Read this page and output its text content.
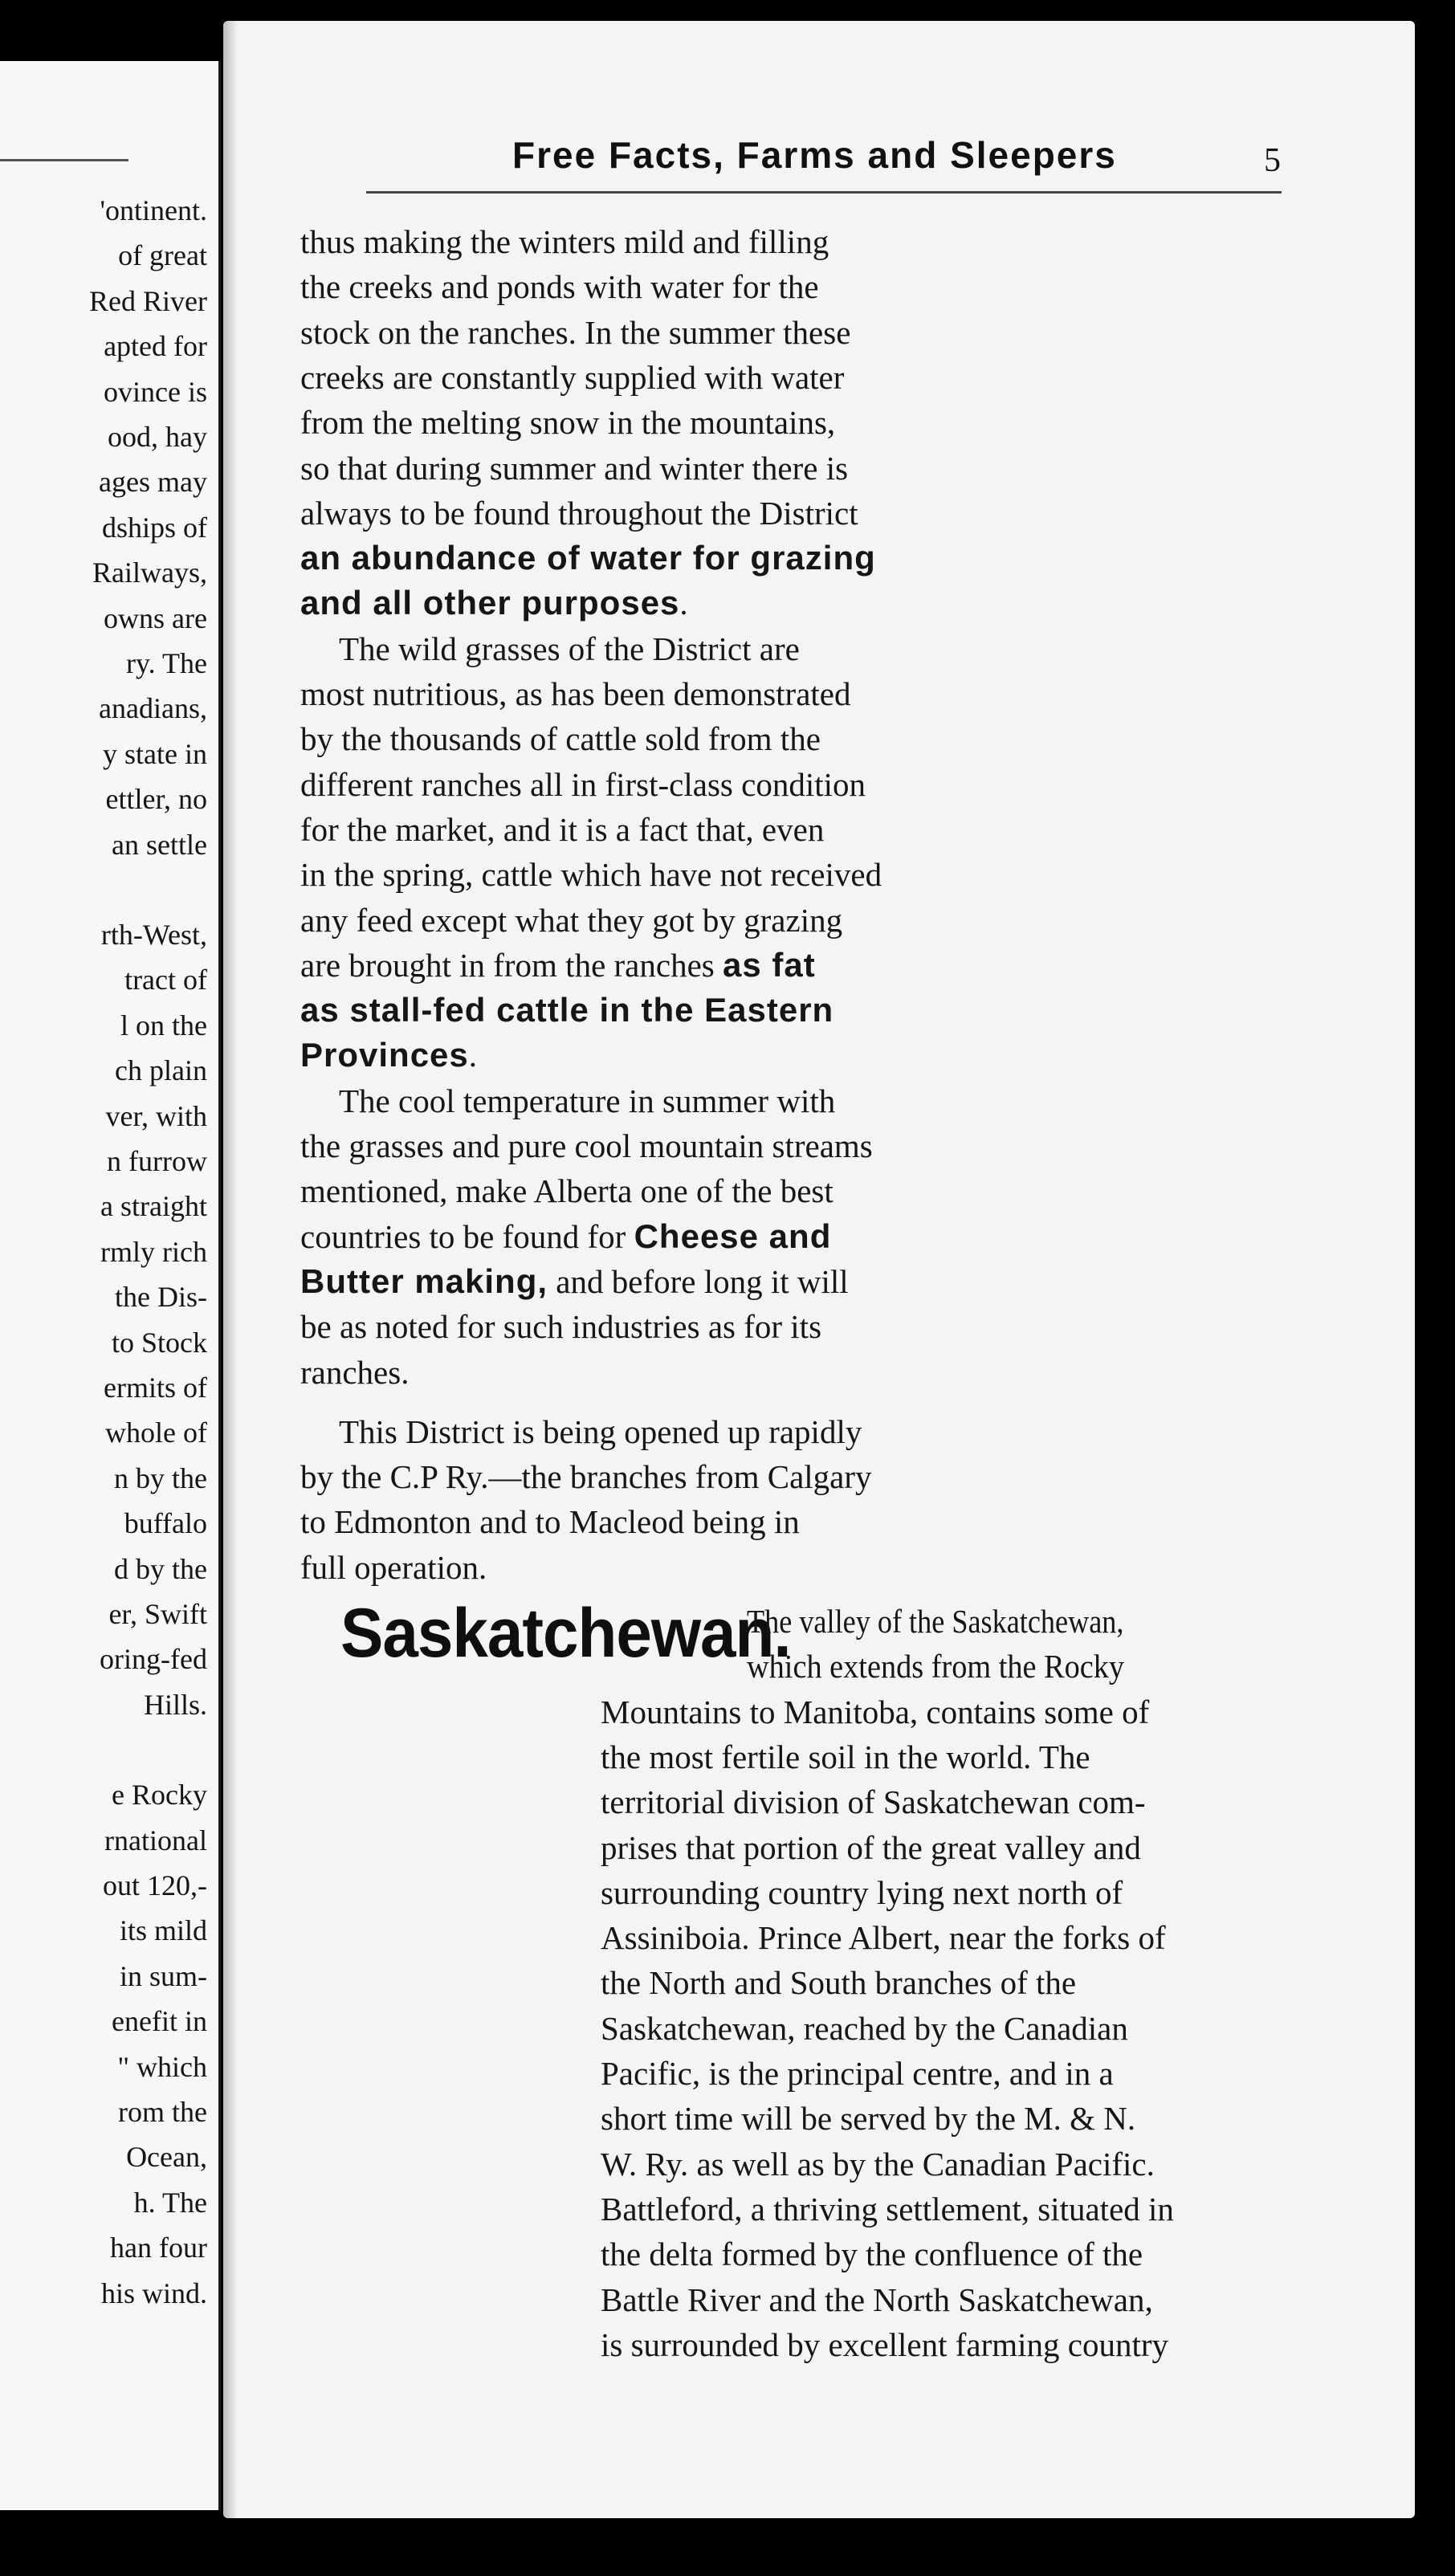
'ontinent.

of great

Red River

apted for

ovince is

ood, hay

ages may

dships of

Railways,

owns are

ry. The

anadians,

y state in

ettler, no

an settle

rth-West,

tract of

l on the

ch plain

ver, with

n furrow

a straight

rmly rich

the Dis-

to Stock

ermits of

whole of

n by the

buffalo

d by the

er, Swift

oring-fed

Hills.

e Rocky

rnational

out 120,-

its mild

in sum-

enefit in

" which

rom the

Ocean,

h. The

han four

his wind.

Free Facts, Farms and Sleepers	5

thus making the winters mild and filling

the creeks and ponds with water for the

stock on the ranches. In the summer these

creeks are constantly supplied with water

from the melting snow in the mountains,

so that during summer and winter there is

always to be found throughout the District

an abundance of water for grazing

and all other purposes.

The wild grasses of the District are

most nutritious, as has been demonstrated

by the thousands of cattle sold from the

different ranches all in first-class condition

for the market, and it is a fact that, even

in the spring, cattle which have not received

any feed except what they got by grazing

are brought in from the ranches as fat

as stall-fed cattle in the Eastern

Provinces.

The cool temperature in summer with

the grasses and pure cool mountain streams

mentioned, make Alberta one of the best

countries to be found for Cheese and

Butter making, and before long it will

be as noted for such industries as for its

ranches.

This District is being opened up rapidly

by the C.P Ry.—the branches from Calgary

to Edmonton and to Macleod being in

full operation.

Saskatchewan.

The valley of the Saskatchewan,

which extends from the Rocky

Mountains to Manitoba, contains some of

the most fertile soil in the world. The

territorial division of Saskatchewan com-

prises that portion of the great valley and

surrounding country lying next north of

Assiniboia. Prince Albert, near the forks of

the North and South branches of the

Saskatchewan, reached by the Canadian

Pacific, is the principal centre, and in a

short time will be served by the M. & N.

W. Ry. as well as by the Canadian Pacific.

Battleford, a thriving settlement, situated in

the delta formed by the confluence of the

Battle River and the North Saskatchewan,

is surrounded by excellent farming country
